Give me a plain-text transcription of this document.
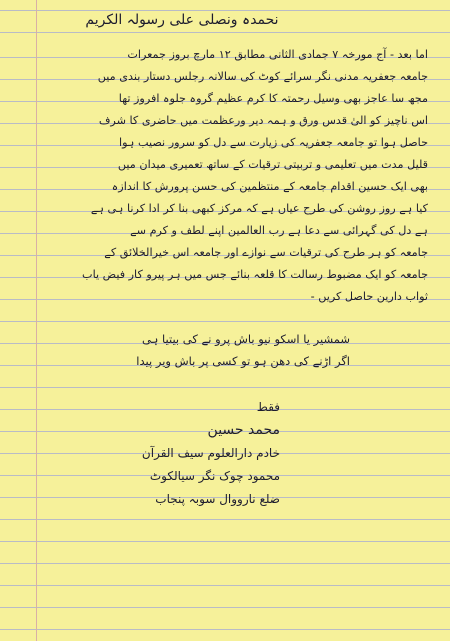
نحمدہ ونصلی علی رسولہ الکریم
اما بعد - آج مورخہ ۷ جمادی الثانی مطابق ۱۲ مارچ بروز جمعرات
جامعہ جعفریہ مدنی نگر سرائے کوٹ کی سالانہ رجلس دستار بندی میں
مجھ سا عاجز بھی وسیل رحمتہ کا کرم عظیم گروہ جلوہ افروز تھا
اس ناچیز کو الیٰ قدس ورق و ہمہ دیر ورعظمت میں حاضری کا شرف
حاصل ہوا تو جامعہ جعفریہ کی زیارت سے دل کو سرور نصیب ہوا
قلیل مدت میں تعلیمی و تربیتی ترقیات کے ساتھ تعمیری میدان میں
بھی ایک حسین اقدام جامعہ کے منتظمین کی حسن پرورش کا اندازہ
کیا ہے روز روشن کی طرح عیاں ہے کہ مرکز کبھی بنا کر ادا کرنا ہی ہے
ہے دل کی گہرائی سے دعا ہے رب العالمین اپنے لطف و کرم سے
جامعہ کو ہر طرح کی ترقیات سے نوازے اور جامعہ اس خیرالخلائق کے
جامعہ کو ایک مضبوط رسالت کا قلعہ بنائے جس میں ہر پیرو کار فیض یاب
ثواب دارین حاصل کریں -
شمشیر یا اسکو نیو باش پرو نے کی بیتیا ہی
اگر اڑنے کی دھن ہو تو کسی پر باش ویر پیدا
فقط
محمد حسین
خادم دارالعلوم سیف القرآن
محمود چوک نگر سیالکوٹ
ضلع نارووال سوبہ پنجاب
